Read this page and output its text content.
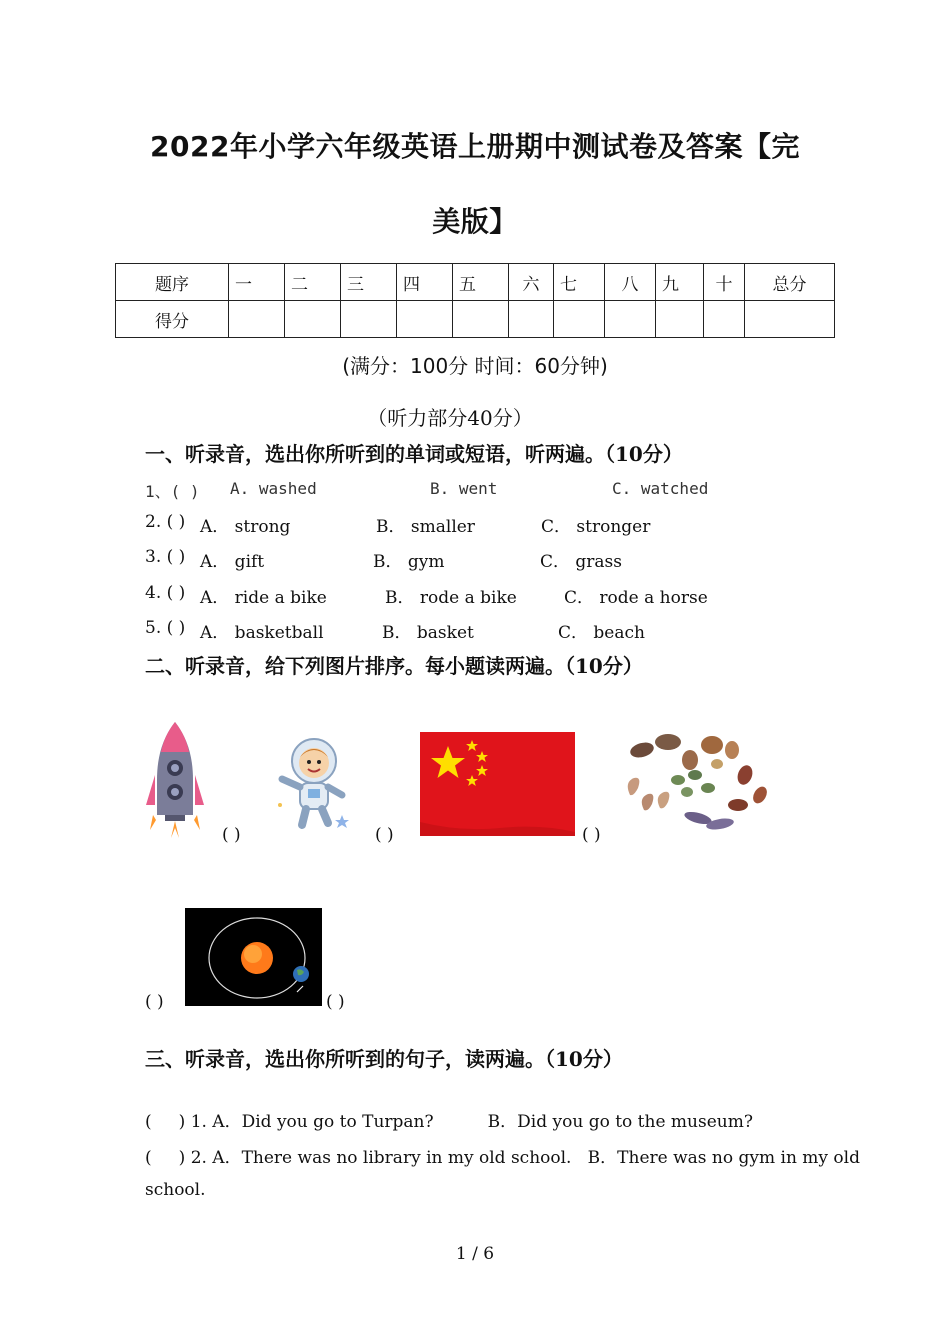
2022年小学六年级英语上册期中测试卷及答案【完
美版】
题序	一	二	三	四	五	六	七	八	九	十	总分
得分											
(满分：100分 时间：60分钟)
（听力部分40分）
一、听录音，选出你所听到的单词或短语，听两遍。（10分）
1、( ) A. washed	B. went	C. watched
2. ( ) A． strong	B． smaller	C． stronger
3. ( ) A． gift	B． gym	C． grass
4. ( ) A． ride a bike	B． rode a bike	C． rode a horse
5. ( ) A． basketball	B． basket	C． beach
二、听录音，给下列图片排序。每小题读两遍。（10分）
( )	( )	( )
( )	( )
三、听录音，选出你所听到的句子，读两遍。（10分）
(     ) 1. A．Did you go to Turpan?          B．Did you go to the museum?
(     ) 2. A．There was no library in my old school.   B．There was no gym in my old
school.
1 / 6
